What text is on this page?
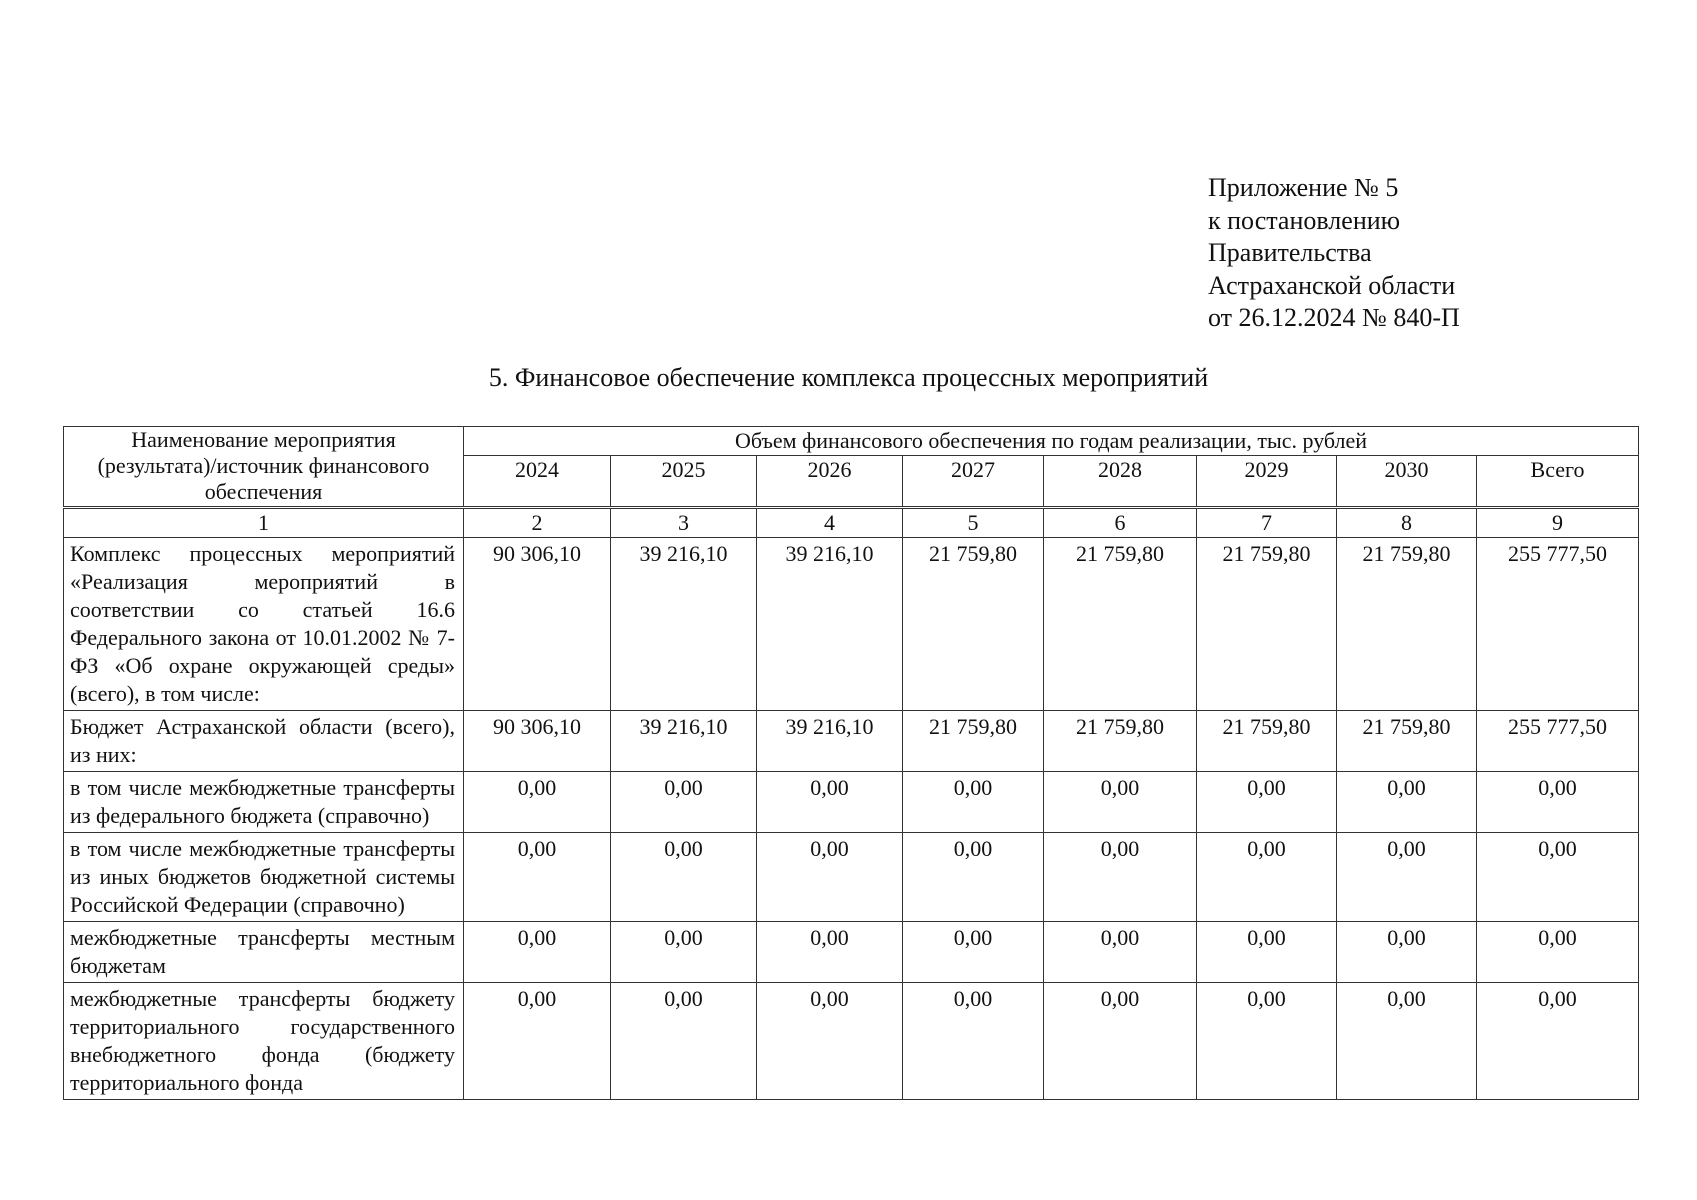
Приложение № 5
к постановлению
Правительства
Астраханской области
от 26.12.2024 № 840-П
5. Финансовое обеспечение комплекса процессных мероприятий
Наименование мероприятия (результата)/источник финансового обеспечения	Объем финансового обеспечения по годам реализации, тыс. рублей							
	2024	2025	2026	2027	2028	2029	2030	Всего
1	2	3	4	5	6	7	8	9
Комплекс процессных мероприятий «Реализация мероприятий в соответствии со статьей 16.6 Федерального закона от 10.01.2002 № 7-ФЗ «Об охране окружающей среды» (всего), в том числе:	90 306,10	39 216,10	39 216,10	21 759,80	21 759,80	21 759,80	21 759,80	255 777,50
Бюджет Астраханской области (всего), из них:	90 306,10	39 216,10	39 216,10	21 759,80	21 759,80	21 759,80	21 759,80	255 777,50
в том числе межбюджетные трансферты из федерального бюджета (справочно)	0,00	0,00	0,00	0,00	0,00	0,00	0,00	0,00
в том числе межбюджетные трансферты из иных бюджетов бюджетной системы Российской Федерации (справочно)	0,00	0,00	0,00	0,00	0,00	0,00	0,00	0,00
межбюджетные трансферты местным бюджетам	0,00	0,00	0,00	0,00	0,00	0,00	0,00	0,00
межбюджетные трансферты бюджету территориального государственного внебюджетного фонда (бюджету территориального фонда	0,00	0,00	0,00	0,00	0,00	0,00	0,00	0,00
